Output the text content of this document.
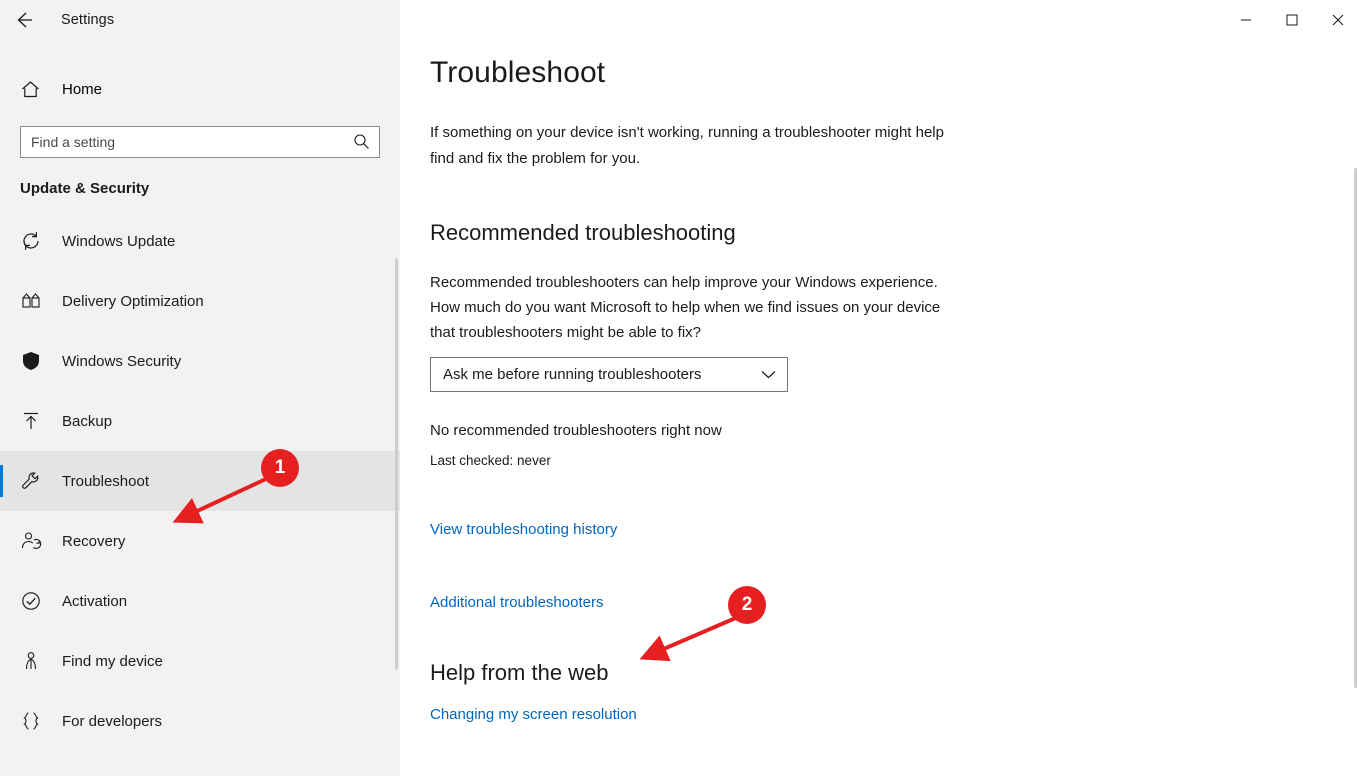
Settings
Home
Find a setting
Update & Security
Windows Update
Delivery Optimization
Windows Security
Backup
Troubleshoot
Recovery
Activation
Find my device
For developers
Troubleshoot

If something on your device isn't working, running a troubleshooter might help find and fix the problem for you.

Recommended troubleshooting

Recommended troubleshooters can help improve your Windows experience. How much do you want Microsoft to help when we find issues on your device that troubleshooters might be able to fix?

Ask me before running troubleshooters
No recommended troubleshooters right now
Last checked: never
View troubleshooting history
Additional troubleshooters
Help from the web
Changing my screen resolution
1
2
